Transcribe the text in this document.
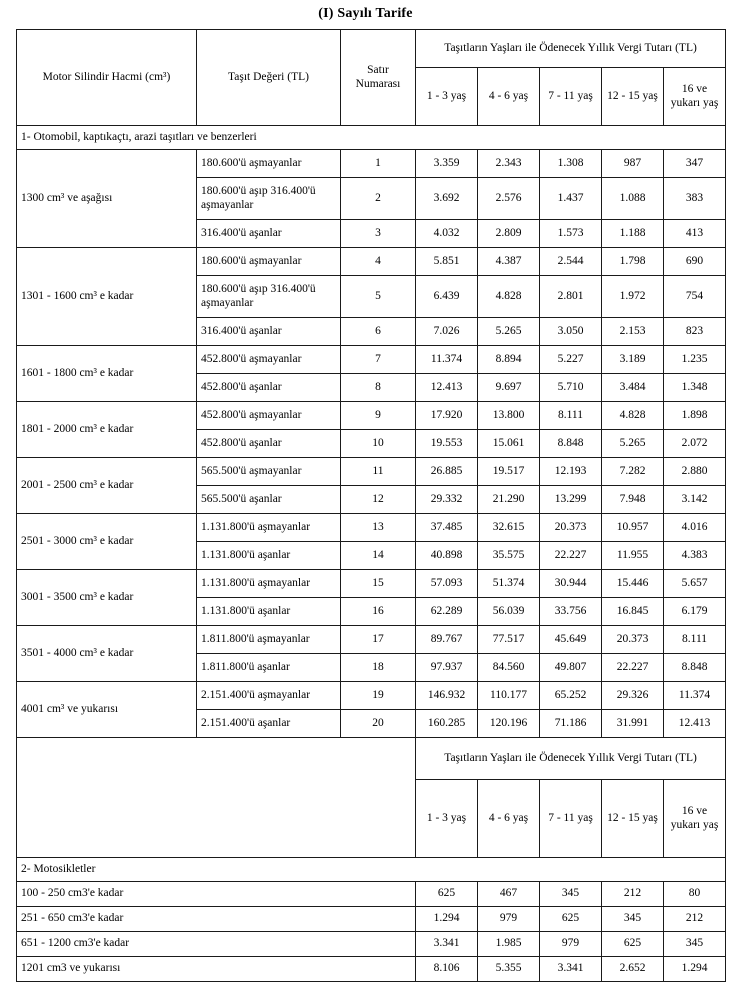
(I) Sayılı Tarife
Motor Silindir Hacmi (cm³)	Taşıt Değeri (TL)	Satır Numarası	Taşıtların Yaşları ile Ödenecek Yıllık Vergi Tutarı (TL)				
			1 - 3 yaş	4 - 6 yaş	7 - 11 yaş	12 - 15 yaş	16 ve yukarı yaş
1- Otomobil, kaptıkaçtı, arazi taşıtları ve benzerleri							
1300 cm³ ve aşağısı	180.600'ü aşmayanlar	1	3.359	2.343	1.308	987	347
	180.600'ü aşıp 316.400'ü aşmayanlar	2	3.692	2.576	1.437	1.088	383
	316.400'ü aşanlar	3	4.032	2.809	1.573	1.188	413
1301 - 1600 cm³ e kadar	180.600'ü aşmayanlar	4	5.851	4.387	2.544	1.798	690
	180.600'ü aşıp 316.400'ü aşmayanlar	5	6.439	4.828	2.801	1.972	754
	316.400'ü aşanlar	6	7.026	5.265	3.050	2.153	823
1601 - 1800 cm³ e kadar	452.800'ü aşmayanlar	7	11.374	8.894	5.227	3.189	1.235
	452.800'ü aşanlar	8	12.413	9.697	5.710	3.484	1.348
1801 - 2000 cm³ e kadar	452.800'ü aşmayanlar	9	17.920	13.800	8.111	4.828	1.898
	452.800'ü aşanlar	10	19.553	15.061	8.848	5.265	2.072
2001 - 2500 cm³ e kadar	565.500'ü aşmayanlar	11	26.885	19.517	12.193	7.282	2.880
	565.500'ü aşanlar	12	29.332	21.290	13.299	7.948	3.142
2501 - 3000 cm³ e kadar	1.131.800'ü aşmayanlar	13	37.485	32.615	20.373	10.957	4.016
	1.131.800'ü aşanlar	14	40.898	35.575	22.227	11.955	4.383
3001 - 3500 cm³ e kadar	1.131.800'ü aşmayanlar	15	57.093	51.374	30.944	15.446	5.657
	1.131.800'ü aşanlar	16	62.289	56.039	33.756	16.845	6.179
3501 - 4000 cm³ e kadar	1.811.800'ü aşmayanlar	17	89.767	77.517	45.649	20.373	8.111
	1.811.800'ü aşanlar	18	97.937	84.560	49.807	22.227	8.848
4001 cm³ ve yukarısı	2.151.400'ü aşmayanlar	19	146.932	110.177	65.252	29.326	11.374
	2.151.400'ü aşanlar	20	160.285	120.196	71.186	31.991	12.413
			Taşıtların Yaşları ile Ödenecek Yıllık Vergi Tutarı (TL)				
			1 - 3 yaş	4 - 6 yaş	7 - 11 yaş	12 - 15 yaş	16 ve yukarı yaş
2- Motosikletler							
100 - 250 cm3'e kadar			625	467	345	212	80
251 - 650 cm3'e kadar			1.294	979	625	345	212
651 - 1200 cm3'e kadar			3.341	1.985	979	625	345
1201 cm3 ve yukarısı			8.106	5.355	3.341	2.652	1.294
